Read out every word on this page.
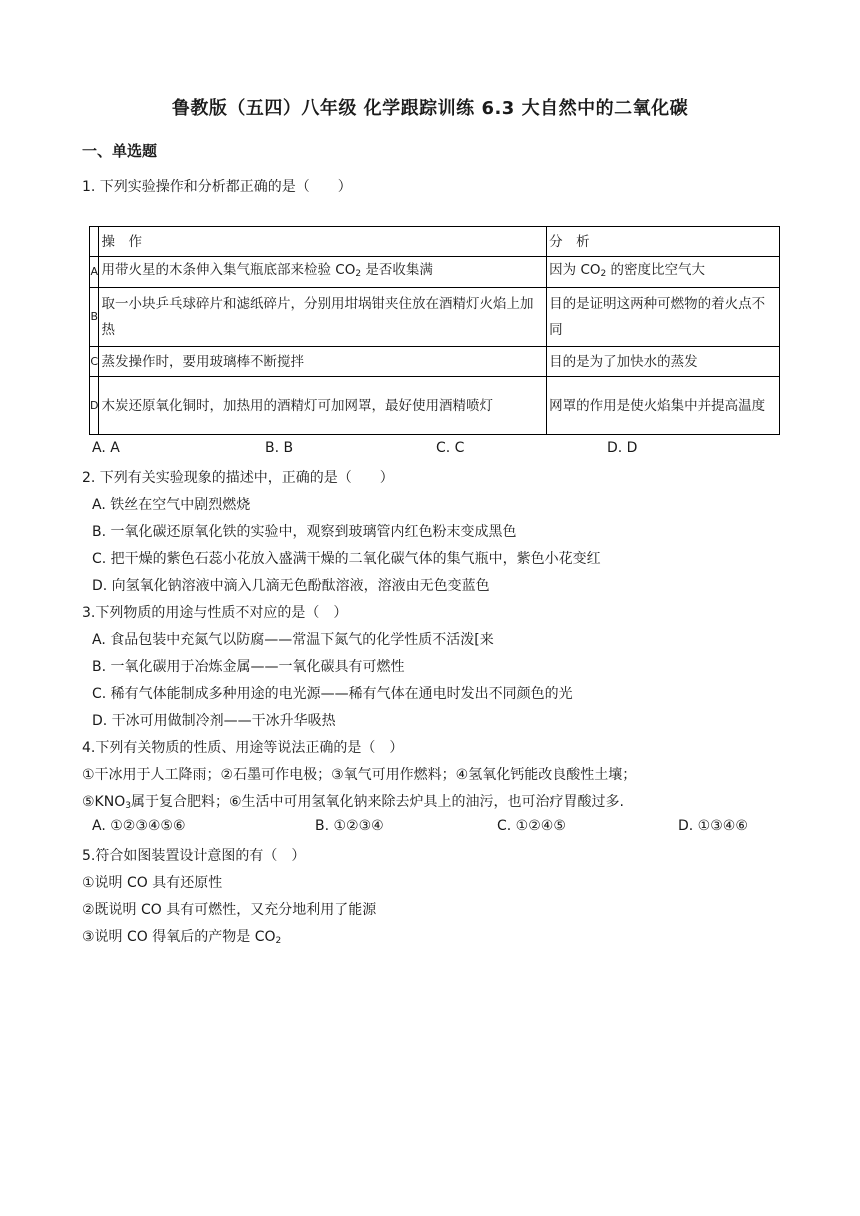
鲁教版（五四）八年级 化学跟踪训练 6.3 大自然中的二氧化碳
一、单选题
1. 下列实验操作和分析都正确的是（　　）
	操　作	分　析
A	用带火星的木条伸入集气瓶底部来检验 $CO_2$ 是否收集满	因为 $CO_2$ 的密度比空气大
B	取一小块乒乓球碎片和滤纸碎片，分别用坩埚钳夹住放在酒精灯火焰上加热	目的是证明这两种可燃物的着火点不同
C	蒸发操作时，要用玻璃棒不断搅拌	目的是为了加快水的蒸发
D	木炭还原氧化铜时，加热用的酒精灯可加网罩，最好使用酒精喷灯	网罩的作用是使火焰集中并提高温度
A. A	B. B	C. C	D. D
2. 下列有关实验现象的描述中，正确的是（　　）
A. 铁丝在空气中剧烈燃烧
B. 一氧化碳还原氧化铁的实验中，观察到玻璃管内红色粉末变成黑色
C. 把干燥的紫色石蕊小花放入盛满干燥的二氧化碳气体的集气瓶中，紫色小花变红
D. 向氢氧化钠溶液中滴入几滴无色酚酞溶液，溶液由无色变蓝色
3.下列物质的用途与性质不对应的是（　）
A. 食品包装中充氮气以防腐——常温下氮气的化学性质不活泼[来
B. 一氧化碳用于冶炼金属——一氧化碳具有可燃性
C. 稀有气体能制成多种用途的电光源——稀有气体在通电时发出不同颜色的光
D. 干冰可用做制冷剂——干冰升华吸热
4.下列有关物质的性质、用途等说法正确的是（　）
①干冰用于人工降雨；②石墨可作电极；③氧气可用作燃料；④氢氧化钙能改良酸性土壤；
$⑤KNO_3$属于复合肥料；⑥生活中可用氢氧化钠来除去炉具上的油污，也可治疗胃酸过多.
A. ①②③④⑤⑥	B. ①②③④	C. ①②④⑤	D. ①③④⑥
5.符合如图装置设计意图的有（　）
①说明 CO 具有还原性
②既说明 CO 具有可燃性，又充分地利用了能源
③说明 CO 得氧后的产物是 $CO_2$
